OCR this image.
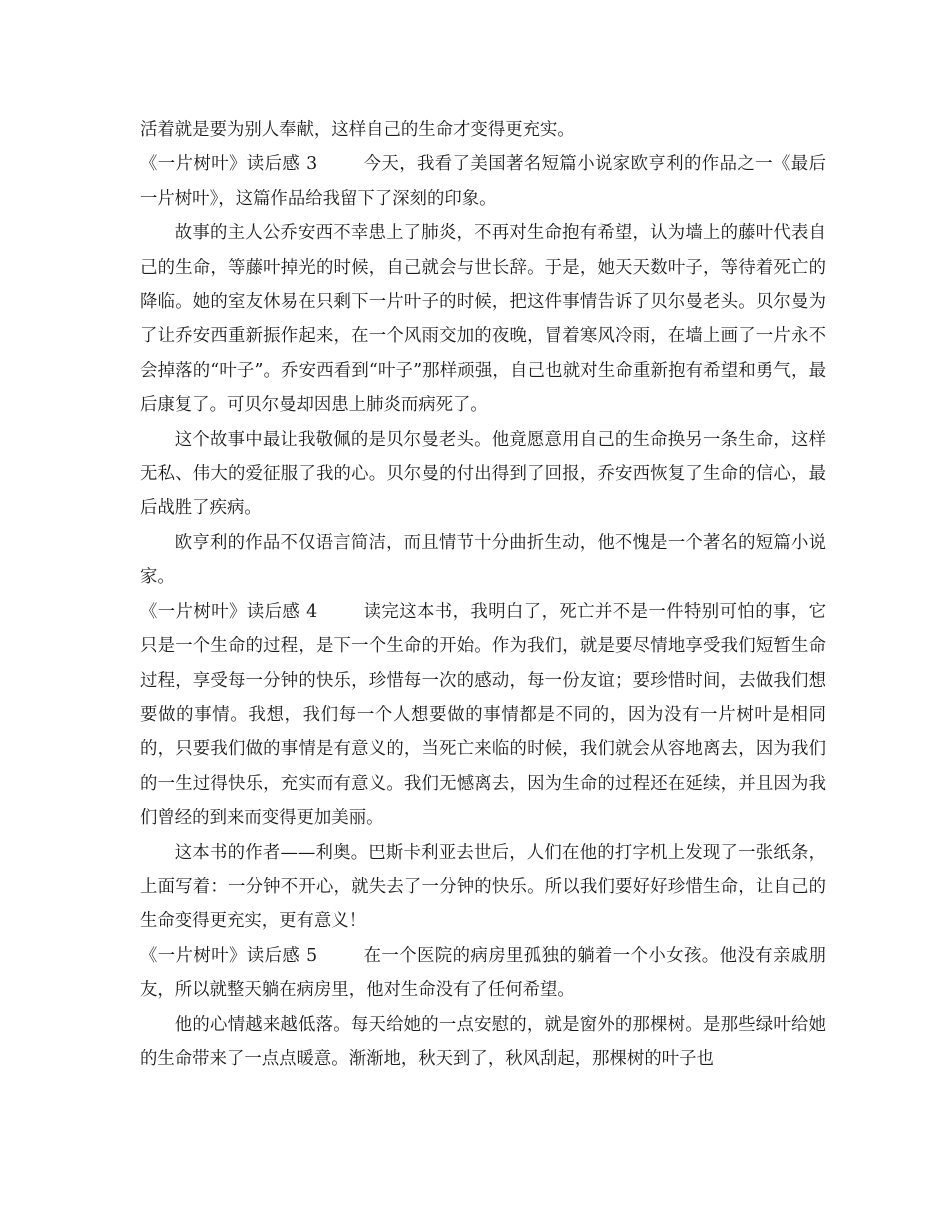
活着就是要为别人奉献，这样自己的生命才变得更充实。

《一片树叶》读后感 3	今天，我看了美国著名短篇小说家欧亨利的作品之一《最后一片树叶》，这篇作品给我留下了深刻的印象。

故事的主人公乔安西不幸患上了肺炎，不再对生命抱有希望，认为墙上的藤叶代表自己的生命，等藤叶掉光的时候，自己就会与世长辞。于是，她天天数叶子，等待着死亡的降临。她的室友休易在只剩下一片叶子的时候，把这件事情告诉了贝尔曼老头。贝尔曼为了让乔安西重新振作起来，在一个风雨交加的夜晚，冒着寒风冷雨，在墙上画了一片永不会掉落的“叶子”。乔安西看到“叶子”那样顽强，自己也就对生命重新抱有希望和勇气，最后康复了。可贝尔曼却因患上肺炎而病死了。

这个故事中最让我敬佩的是贝尔曼老头。他竟愿意用自己的生命换另一条生命，这样无私、伟大的爱征服了我的心。贝尔曼的付出得到了回报，乔安西恢复了生命的信心，最后战胜了疾病。

欧亨利的作品不仅语言简洁，而且情节十分曲折生动，他不愧是一个著名的短篇小说家。

《一片树叶》读后感 4	读完这本书，我明白了，死亡并不是一件特别可怕的事，它只是一个生命的过程，是下一个生命的开始。作为我们，就是要尽情地享受我们短暂生命过程，享受每一分钟的快乐，珍惜每一次的感动，每一份友谊；要珍惜时间，去做我们想要做的事情。我想，我们每一个人想要做的事情都是不同的，因为没有一片树叶是相同的，只要我们做的事情是有意义的，当死亡来临的时候，我们就会从容地离去，因为我们的一生过得快乐，充实而有意义。我们无憾离去，因为生命的过程还在延续，并且因为我们曾经的到来而变得更加美丽。

这本书的作者——利奥。巴斯卡利亚去世后，人们在他的打字机上发现了一张纸条，上面写着：一分钟不开心，就失去了一分钟的快乐。所以我们要好好珍惜生命，让自己的生命变得更充实，更有意义！

《一片树叶》读后感 5	在一个医院的病房里孤独的躺着一个小女孩。他没有亲戚朋友，所以就整天躺在病房里，他对生命没有了任何希望。

他的心情越来越低落。每天给她的一点安慰的，就是窗外的那棵树。是那些绿叶给她的生命带来了一点点暖意。渐渐地，秋天到了，秋风刮起，那棵树的叶子也
